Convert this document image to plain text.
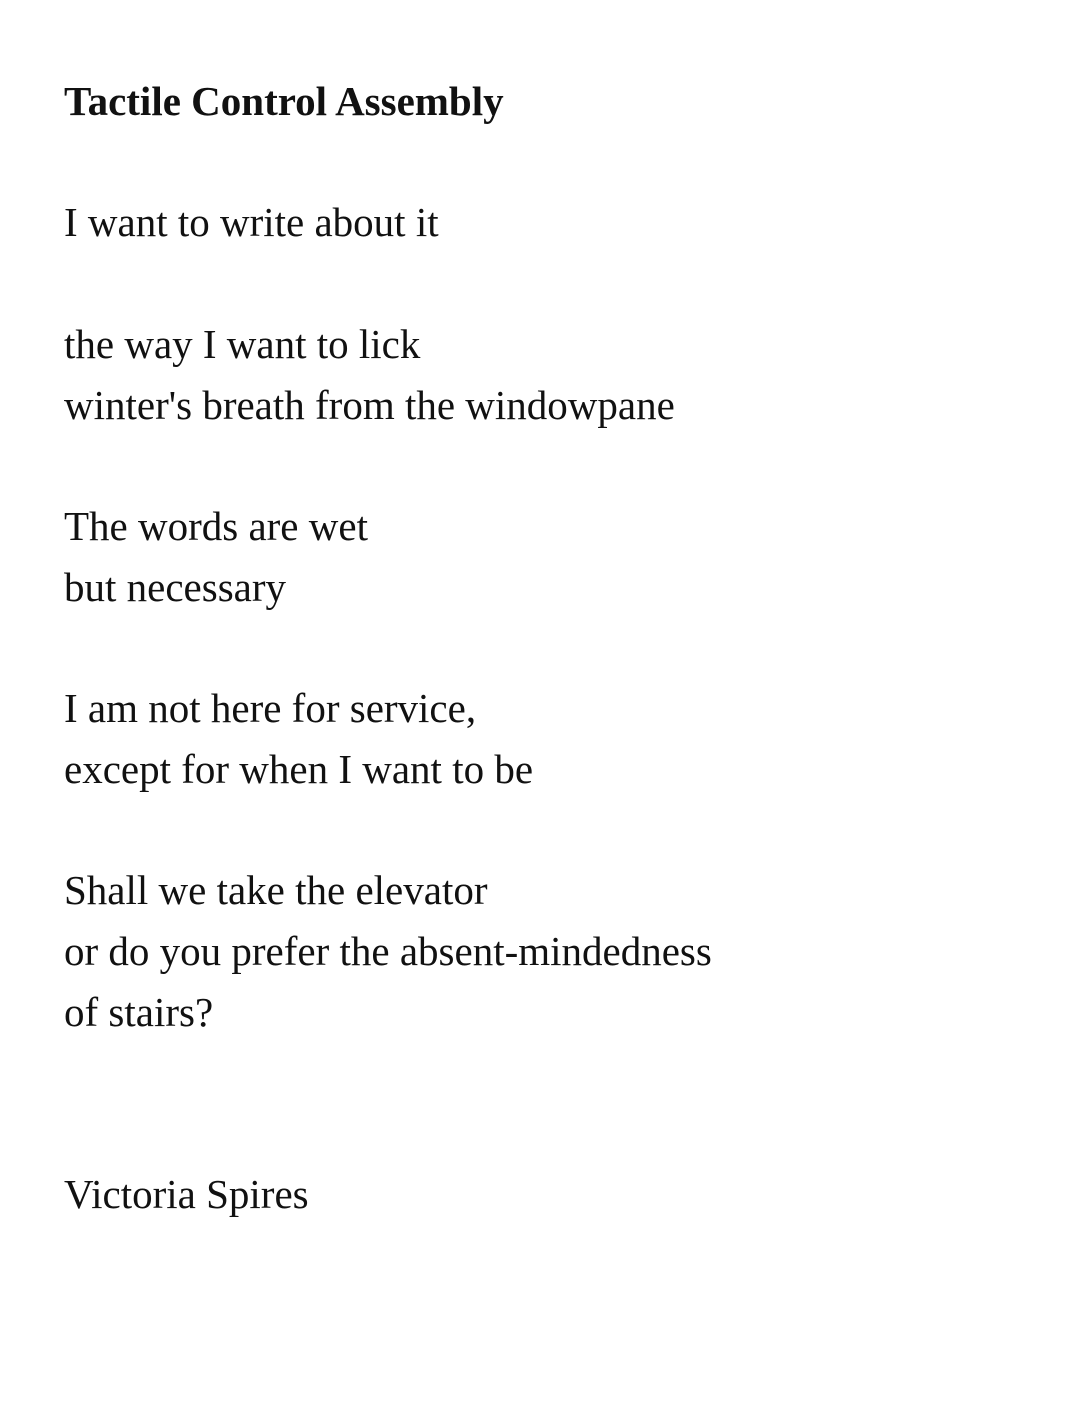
Tactile Control Assembly

I want to write about it

the way I want to lick

winter's breath from the windowpane

The words are wet

but necessary

I am not here for service,

except for when I want to be

Shall we take the elevator

or do you prefer the absent-mindedness

of stairs?

Victoria Spires
